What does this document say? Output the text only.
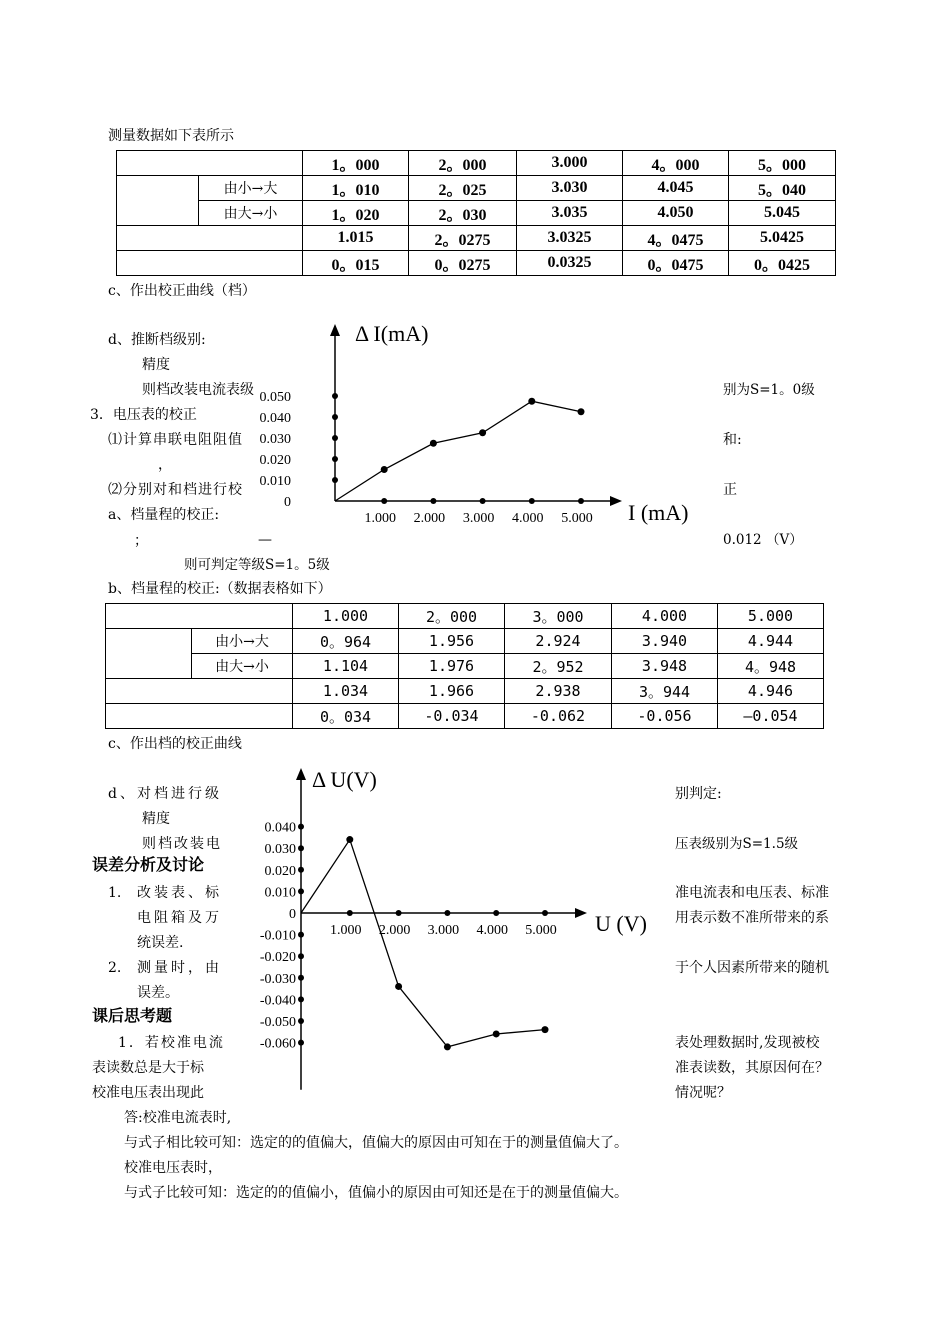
测量数据如下表所示
		1。000	2。000	3.000	4。000	5。000
	由小→大	1。010	2。025	3.030	4.045	5。040
	由大→小	1。020	2。030	3.035	4.050	5.045
		1.015	2。0275	3.0325	4。0475	5.0425
		0。015	0。0275	0.0325	0。0475	0。0425
c、作出校正曲线（档）
d、推断档级别:
精度
则档改装电流表级	别为S=1。0级
3．电压表的校正
⑴计算串联电阻阻值	和:
，
⑵分别对和档进行校	正
a、档量程的校正:
—	0.012 （V）
；
则可判定等级S=1。5级
b、档量程的校正:（数据表格如下）
		1.000	2。000	3。000	4.000	5.000
	由小→大	0。964	1.956	2.924	3.940	4.944
	由大→小	1.104	1.976	2。952	3.948	4。948
		1.034	1.966	2.938	3。944	4.946
		0。034	-0.034	-0.062	-0.056	—0.054
c、作出档的校正曲线
d、对档进行级	别判定:
精度
则档改装电	压表级别为S=1.5级
误差分析及讨论
1. 改装表、标
电阻箱及万
统误差.
准电流表和电压表、标准
用表示数不准所带来的系
2. 测量时，由
误差。
于个人因素所带来的随机
课后思考题
1．若校准电流
表读数总是大于标
校准电压表出现此
表处理数据时,发现被校
准表读数，其原因何在？
情况呢？
答:校准电流表时,
与式子相比较可知：选定的的值偏大，值偏大的原因由可知在于的测量值偏大了。
校准电压表时，
与式子比较可知：选定的的值偏小，值偏小的原因由可知还是在于的测量值偏大。
Δ I(mA)
I (mA)
0.050
0.040
0.030
0.020
0.010
0
1.000 2.000 3.000 4.000 5.000
Δ U(V)
U (V)
0.040
0.030
0.020
0.010
0
-0.010
-0.020
-0.030
-0.040
-0.050
-0.060
1.000 2.000 3.000 4.000 5.000
